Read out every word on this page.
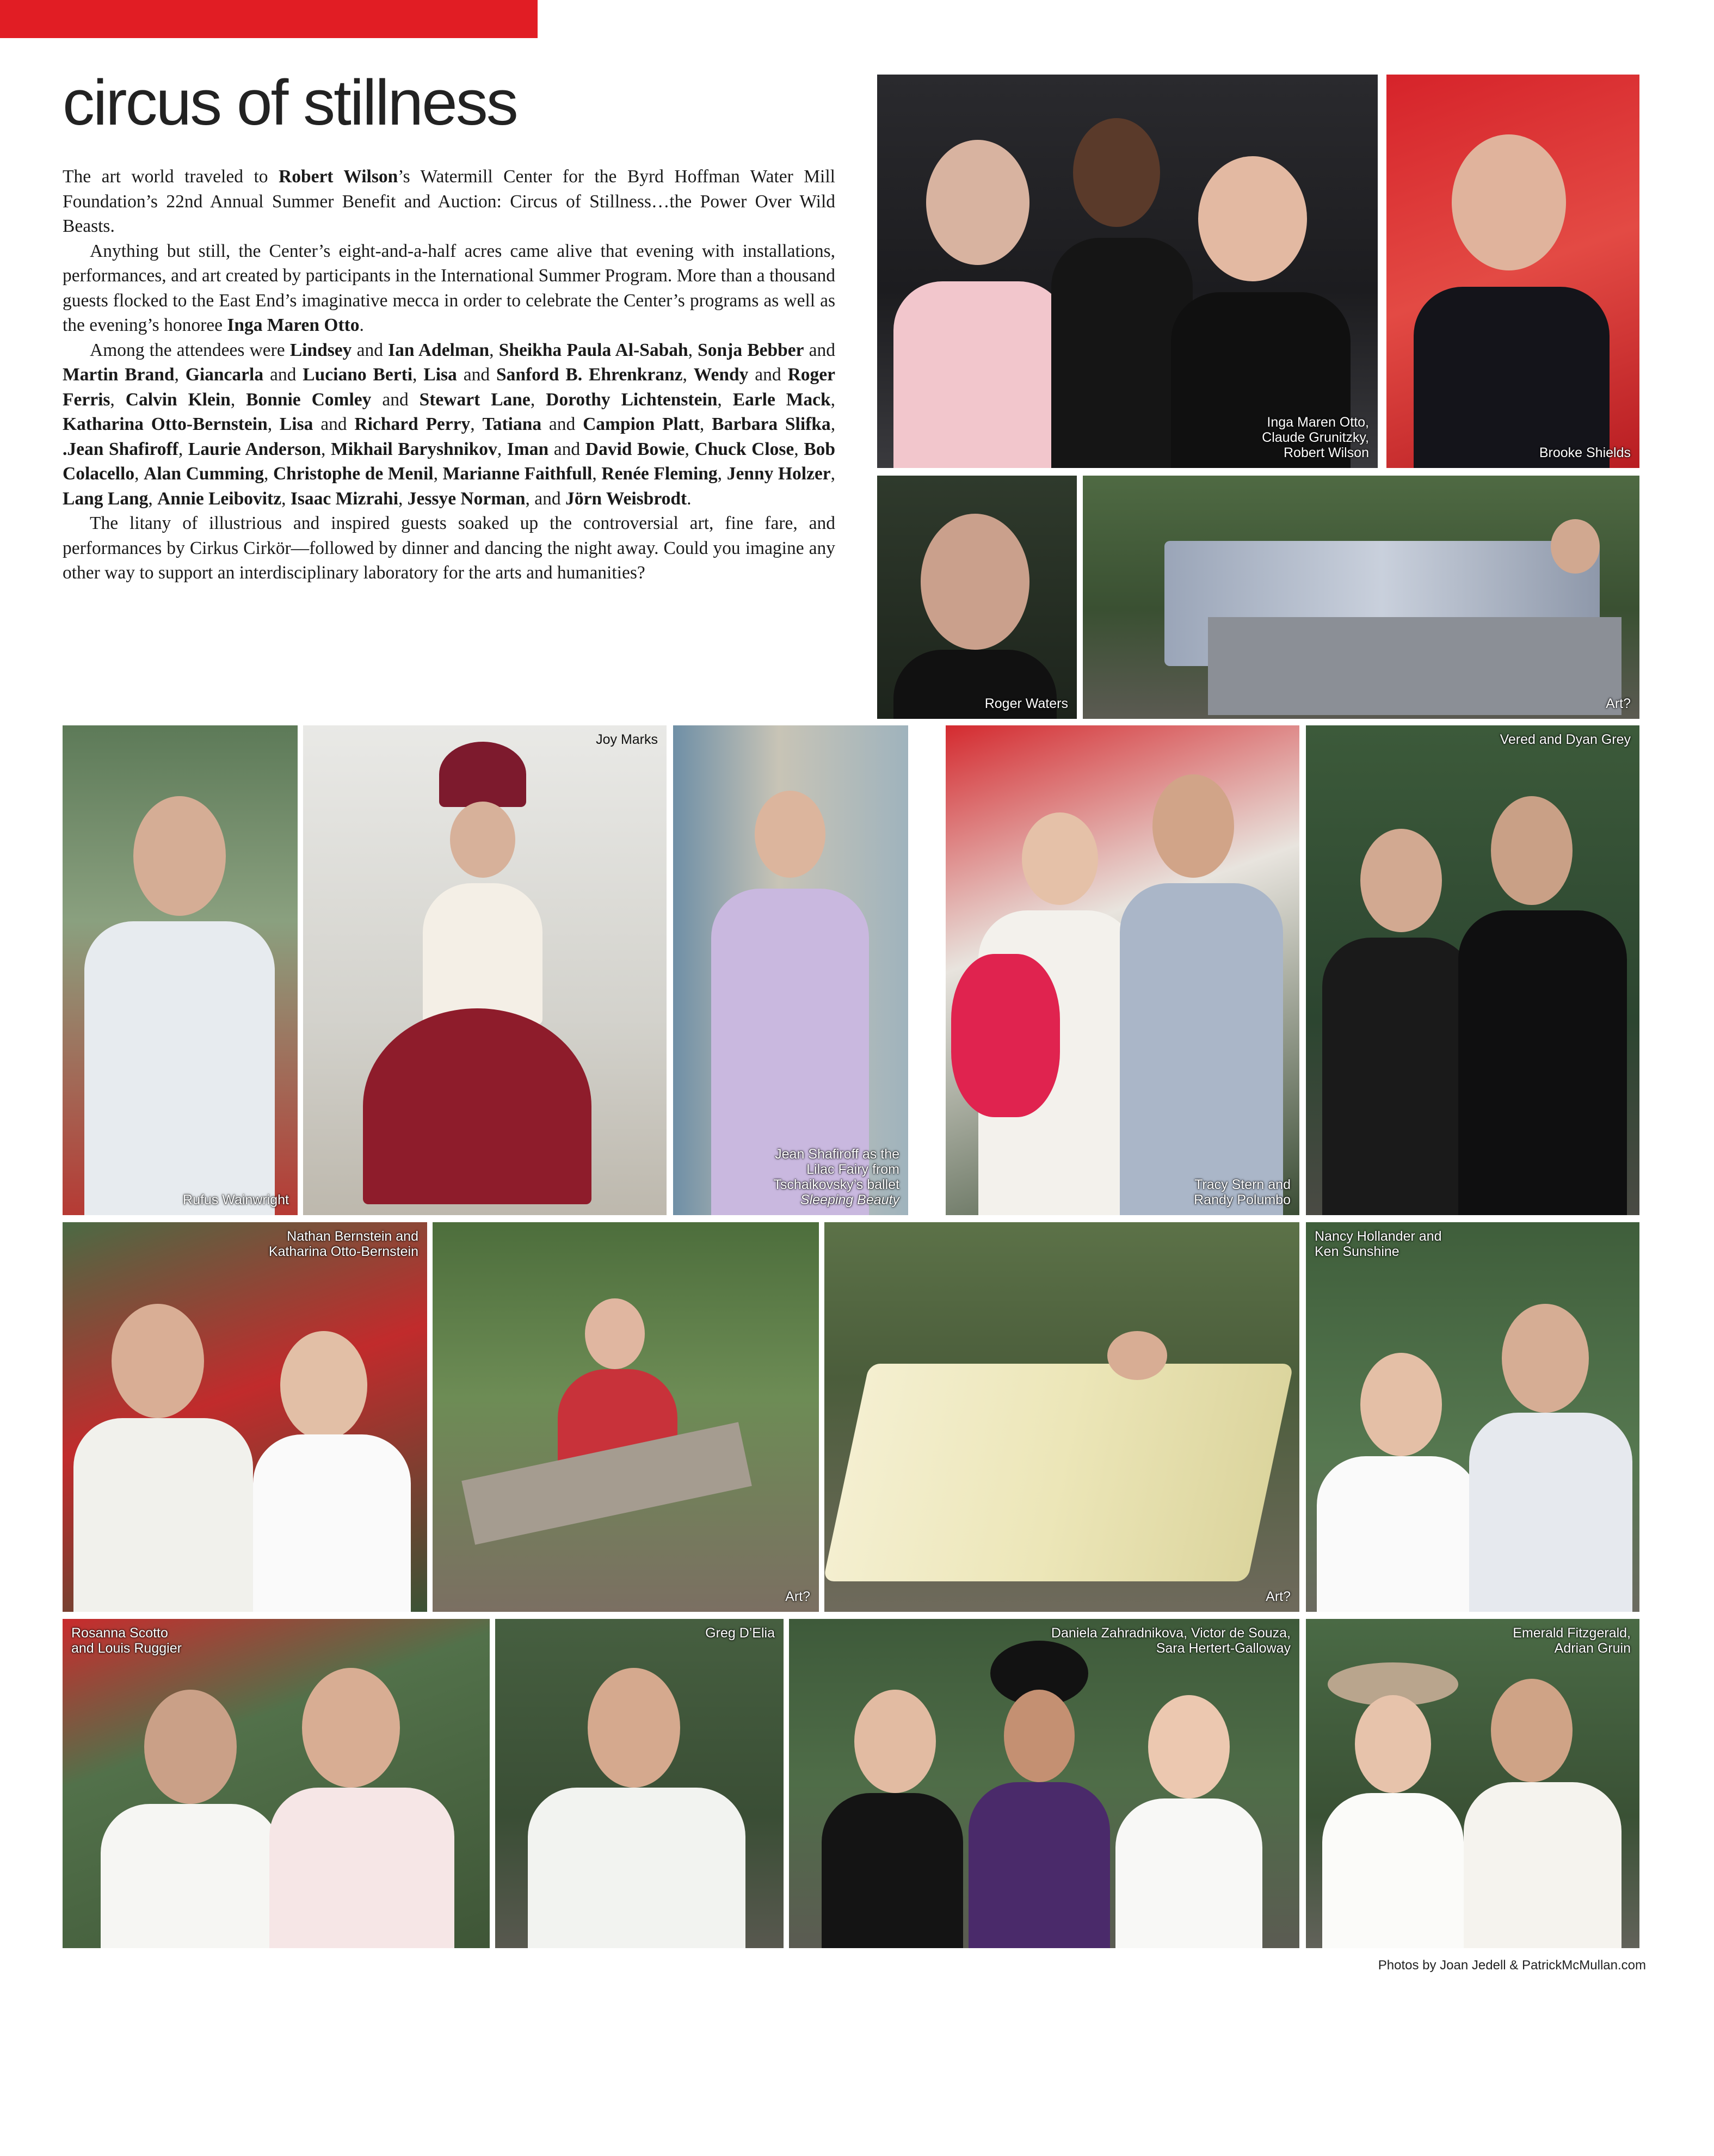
circus of stillness

The art world traveled to Robert Wilson’s Watermill Center for the Byrd Hoffman Water Mill Foundation’s 22nd Annual Summer Benefit and Auction: Circus of Stillness…the Power Over Wild Beasts.

Anything but still, the Center’s eight-and-a-half acres came alive that evening with installations, performances, and art created by participants in the International Summer Program. More than a thousand guests flocked to the East End’s imaginative mecca in order to celebrate the Center’s programs as well as the evening’s honoree Inga Maren Otto.

Among the attendees were Lindsey and Ian Adelman, Sheikha Paula Al-Sabah, Sonja Bebber and Martin Brand, Giancarla and Luciano Berti, Lisa and Sanford B. Ehrenkranz, Wendy and Roger Ferris, Calvin Klein, Bonnie Comley and Stewart Lane, Dorothy Lichtenstein, Earle Mack, Katharina Otto-Bernstein, Lisa and Richard Perry, Tatiana and Campion Platt, Barbara Slifka, .Jean Shafiroff, Laurie Anderson, Mikhail Baryshnikov, Iman and David Bowie, Chuck Close, Bob Colacello, Alan Cumming, Christophe de Menil, Marianne Faithfull, Renée Fleming, Jenny Holzer, Lang Lang, Annie Leibovitz, Isaac Mizrahi, Jessye Norman, and Jörn Weisbrodt.

The litany of illustrious and inspired guests soaked up the controversial art, fine fare, and performances by Cirkus Cirkör—followed by dinner and dancing the night away. Could you imagine any other way to support an interdisciplinary laboratory for the arts and humanities?

Inga Maren Otto,
Claude Grunitzky,
Robert Wilson	Brooke Shields
Roger Waters	Art?
Rufus Wainwright
Joy Marks
Jean Shafiroff as the
Lilac Fairy from
Tschaikovsky’s ballet
Sleeping Beauty
Tracy Stern and
Randy Polumbo
Vered and Dyan Grey
Nathan Bernstein and
Katharina Otto-Bernstein
Art?	Art?
Nancy Hollander and
Ken Sunshine
Rosanna Scotto
and Louis Ruggier
Greg D’Elia	Daniela Zahradnikova, Victor de Souza,
Sara Hertert-Galloway
Emerald Fitzgerald,
Adrian Gruin
Photos by Joan Jedell & PatrickMcMullan.com
